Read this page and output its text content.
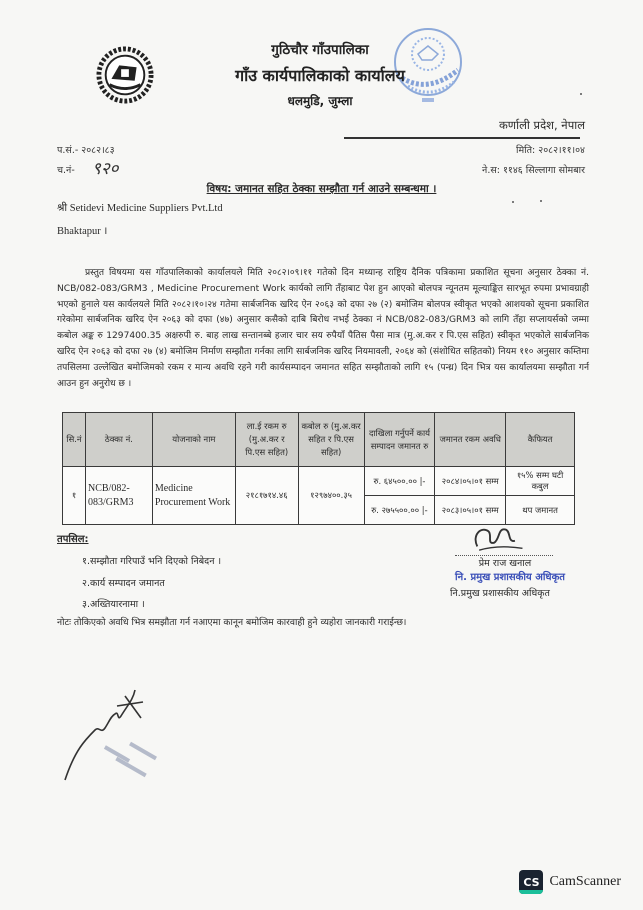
गुठिचौर गाँउपालिका
गाँउ कार्यपालिकाको कार्यालय
धलमुडि, जुम्ला
कर्णाली प्रदेश, नेपाल
प.सं.- २०८२।८३
च.नं- ९२०
मिति: २०८२।११।०४
ने.स: ११४६ सिल्लागा सोमबार
विषय: जमानत सहित ठेक्का सम्झौता गर्न आउने सम्बन्धमा ।
श्री Setidevi Medicine Suppliers Pvt.Ltd
Bhaktapur ।
प्रस्तुत विषयमा यस गाँउपालिकाको कार्यालयले मिति २०८२।०९।११ गतेको दिन मध्यान्ह राष्ट्रिय दैनिक पत्रिकामा प्रकाशित सूचना अनुसार ठेक्का नं. NCB/082-083/GRM3 , Medicine Procurement Work कार्यको लागि तँहाबाट पेश हुन आएको बोलपत्र न्यूनतम मूल्याङ्कित सारभूत रुपमा प्रभावग्राही भएको हुनाले यस कार्यलयले मिति २०८२।१०।२४ गतेमा सार्बजनिक खरिद ऐन २०६३ को दफा २७ (२) बमोजिम बोलपत्र स्वीकृत भएको आशयको सूचना प्रकाशित गरेकोमा सार्बजनिक खरिद ऐन २०६३ को दफा (४७) अनुसार कसैको दाबि बिरोध नभई ठेक्का नं NCB/082-083/GRM3 को लागि तँहा सप्लायर्सको जम्मा कबोल अङ्क रु 1297400.35 अक्षरुपी रु. बाह लाख सन्तानब्बे हजार चार सय रुपैयाँ पैतिस पैसा मात्र (मु.अ.कर र पि.एस सहित) स्वीकृत भएकोले सार्बजनिक खरिद ऐन २०६३ को दफा २७ (४) बमोजिम निर्माण सम्झौता गर्नका लागि सार्बजनिक खरिद नियमावली, २०६४ को (संशोधित सहितको) नियम ११० अनुसार कम्तिमा तपसिलमा उल्लेखित बमोजिमको रकम र मान्य अवधि रहने गरी कार्यसम्पादन जमानत सहित सम्झौताको लागि १५ (पन्ध्र) दिन भित्र यस कार्यालयमा सम्झौता गर्न आउन हुन अनुरोध छ ।
सि.नं	ठेक्का नं.	योजनाको नाम	ला.ई रकम रु (मु.अ.कर र पि.एस सहित)	कबोल रु (मु.अ.कर सहित र पि.एस सहित)	दाखिला गर्नुपर्ने कार्य सम्पादन जमानत रु	जमानत रकम अवधि	कैफियत
१	NCB/082-083/GRM3	Medicine Procurement Work	२१८१७१४.४६	१२९७४००.३५	रु. ६४५००.०० |-	२०८४।०५।०१ सम्म	१५% सम्म घटी कबुल
					रु. २७५५००.०० |-	२०८३।०५।०१ सम्म	थप जमानत
तपसिल:
१.सम्झौता गरिपाउँ भनि दिएको निबेदन ।
२.कार्य सम्पादन जमानत
३.अख्तियारनामा ।
प्रेम राज खनाल
नि. प्रमुख प्रशासकीय अधिकृत
नि.प्रमुख प्रशासकीय अधिकृत
नोटः तोकिएको अवधि भित्र समझौता गर्न नआएमा कानून बमोजिम कारवाही हुने व्यहोरा जानकारी गराईन्छ।
CS CamScanner
